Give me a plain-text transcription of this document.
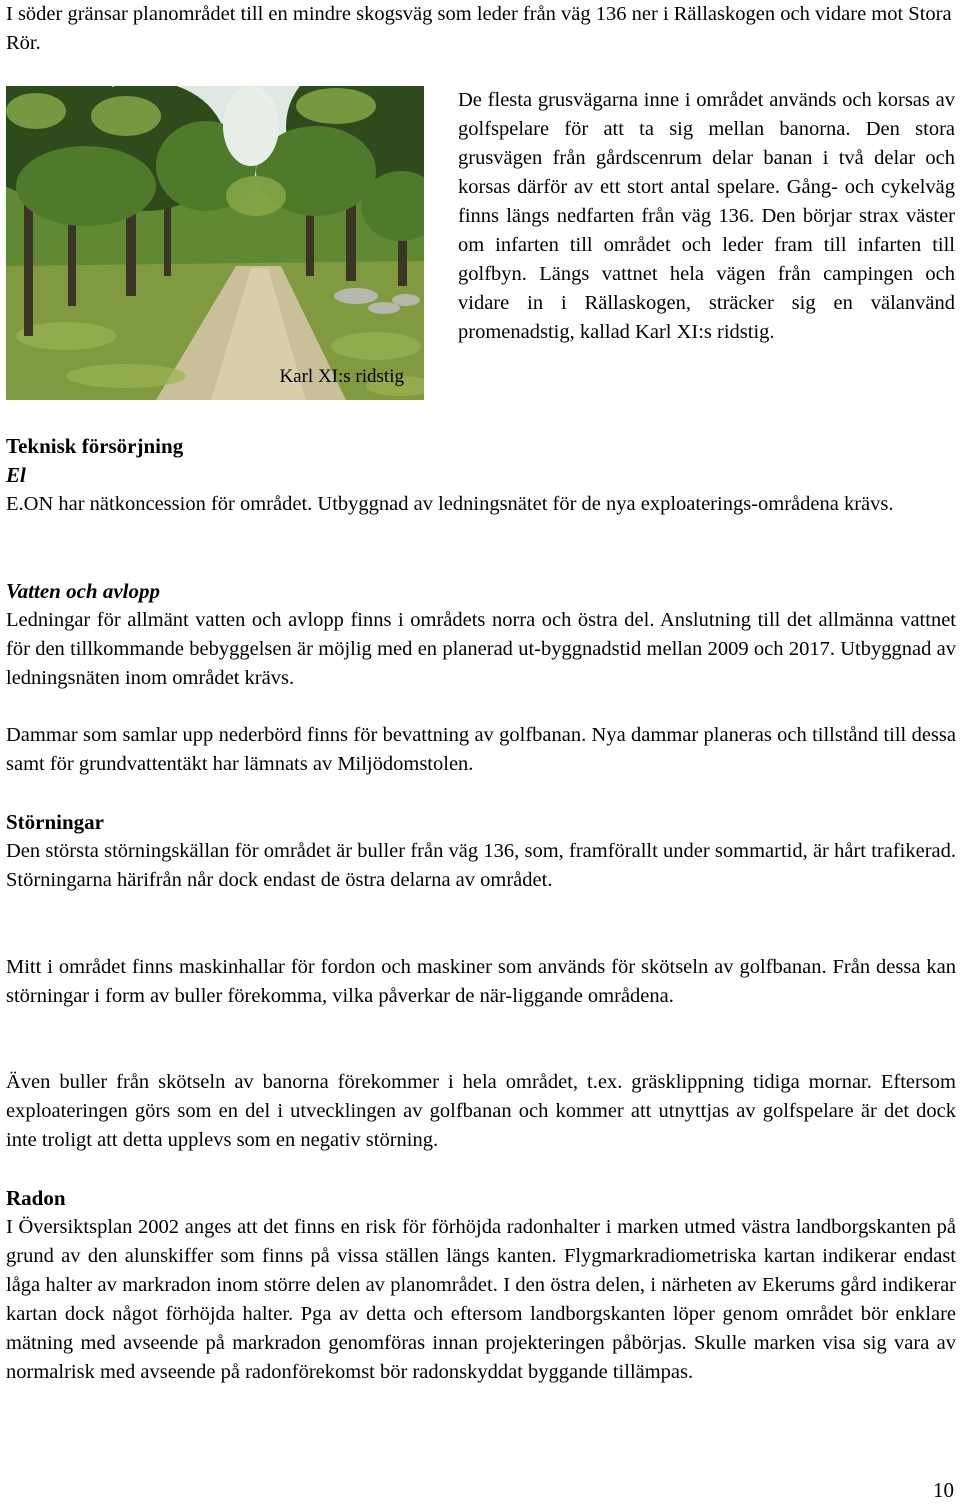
I söder gränsar planområdet till en mindre skogsväg som leder från väg 136 ner i Rällaskogen och vidare mot Stora Rör.

Karl XI:s ridstig

De flesta grusvägarna inne i området används och korsas av golfspelare för att ta sig mellan banorna. Den stora grusvägen från gårdscenrum delar banan i två delar och korsas därför av ett stort antal spelare. Gång- och cykelväg finns längs nedfarten från väg 136. Den börjar strax väster om infarten till området och leder fram till infarten till golfbyn. Längs vattnet hela vägen från campingen och vidare in i Rällaskogen, sträcker sig en välanvänd promenadstig, kallad Karl XI:s ridstig.

Teknisk försörjning
El

E.ON har nätkoncession för området. Utbyggnad av ledningsnätet för de nya exploaterings-områdena krävs.

Vatten och avlopp

Ledningar för allmänt vatten och avlopp finns i områdets norra och östra del. Anslutning till det allmänna vattnet för den tillkommande bebyggelsen är möjlig med en planerad ut-byggnadstid mellan 2009 och 2017. Utbyggnad av ledningsnäten inom området krävs.

Dammar som samlar upp nederbörd finns för bevattning av golfbanan. Nya dammar planeras och tillstånd till dessa samt för grundvattentäkt har lämnats av Miljödomstolen.

Störningar

Den största störningskällan för området är buller från väg 136, som, framförallt under sommartid, är hårt trafikerad. Störningarna härifrån når dock endast de östra delarna av området.

Mitt i området finns maskinhallar för fordon och maskiner som används för skötseln av golfbanan. Från dessa kan störningar i form av buller förekomma, vilka påverkar de när-liggande områdena.

Även buller från skötseln av banorna förekommer i hela området, t.ex. gräsklippning tidiga mornar. Eftersom exploateringen görs som en del i utvecklingen av golfbanan och kommer att utnyttjas av golfspelare är det dock inte troligt att detta upplevs som en negativ störning.

Radon

I Översiktsplan 2002 anges att det finns en risk för förhöjda radonhalter i marken utmed västra landborgskanten på grund av den alunskiffer som finns på vissa ställen längs kanten. Flygmarkradiometriska kartan indikerar endast låga halter av markradon inom större delen av planområdet. I den östra delen, i närheten av Ekerums gård indikerar kartan dock något förhöjda halter. Pga av detta och eftersom landborgskanten löper genom området bör enklare mätning med avseende på markradon genomföras innan projekteringen påbörjas. Skulle marken visa sig vara av normalrisk med avseende på radonförekomst bör radonskyddat byggande tillämpas.

10
